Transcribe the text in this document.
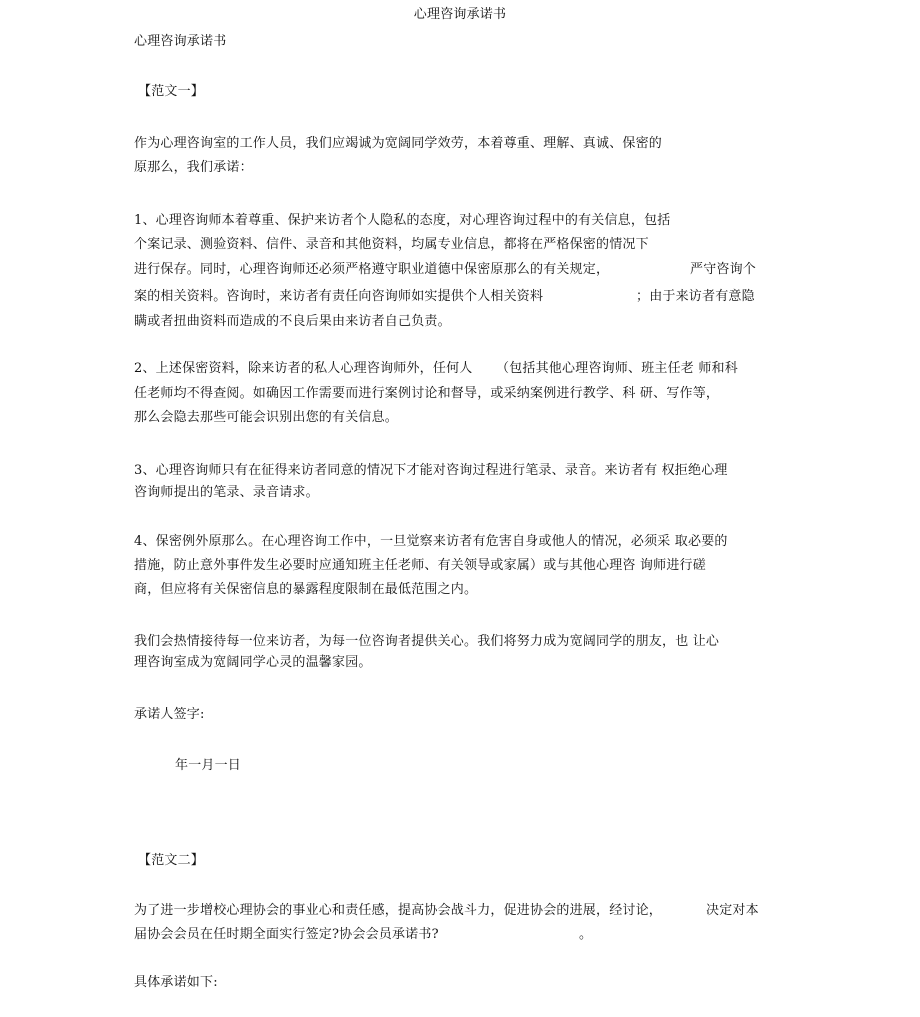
心理咨询承诺书
心理咨询承诺书
【范文一】
作为心理咨询室的工作人员，我们应竭诚为宽阔同学效劳，本着尊重、理解、真诚、保密的
原那么，我们承诺：
1、心理咨询师本着尊重、保护来访者个人隐私的态度，对心理咨询过程中的有关信息，包括
个案记录、测验资料、信件、录音和其他资料，均属专业信息，都将在严格保密的情况下
进行保存。同时，心理咨询师还必须严格遵守职业道德中保密原那么的有关规定，	严守咨询个
案的相关资料。咨询时，来访者有责任向咨询师如实提供个人相关资料	；由于来访者有意隐
瞒或者扭曲资料而造成的不良后果由来访者自己负责。
2、上述保密资料，除来访者的私人心理咨询师外，任何人 （包括其他心理咨询师、班主任老 师和科
任老师均不得查阅。如确因工作需要而进行案例讨论和督导，或采纳案例进行教学、科 研、写作等，
那么会隐去那些可能会识别出您的有关信息。
3、心理咨询师只有在征得来访者同意的情况下才能对咨询过程进行笔录、录音。来访者有 权拒绝心理
咨询师提出的笔录、录音请求。
4、保密例外原那么。在心理咨询工作中，一旦觉察来访者有危害自身或他人的情况，必须采 取必要的
措施，防止意外事件发生必要时应通知班主任老师、有关领导或家属）或与其他心理咨 询师进行磋
商，但应将有关保密信息的暴露程度限制在最低范围之内。
我们会热情接待每一位来访者，为每一位咨询者提供关心。我们将努力成为宽阔同学的朋友，也 让心
理咨询室成为宽阔同学心灵的温馨家园。
承诺人签字:
年一月一日
【范文二】
为了进一步增校心理协会的事业心和责任感，提高协会战斗力，促进协会的进展，经讨论，	决定对本
届协会会员在任时期全面实行签定?协会会员承诺书?	。
具体承诺如下:
